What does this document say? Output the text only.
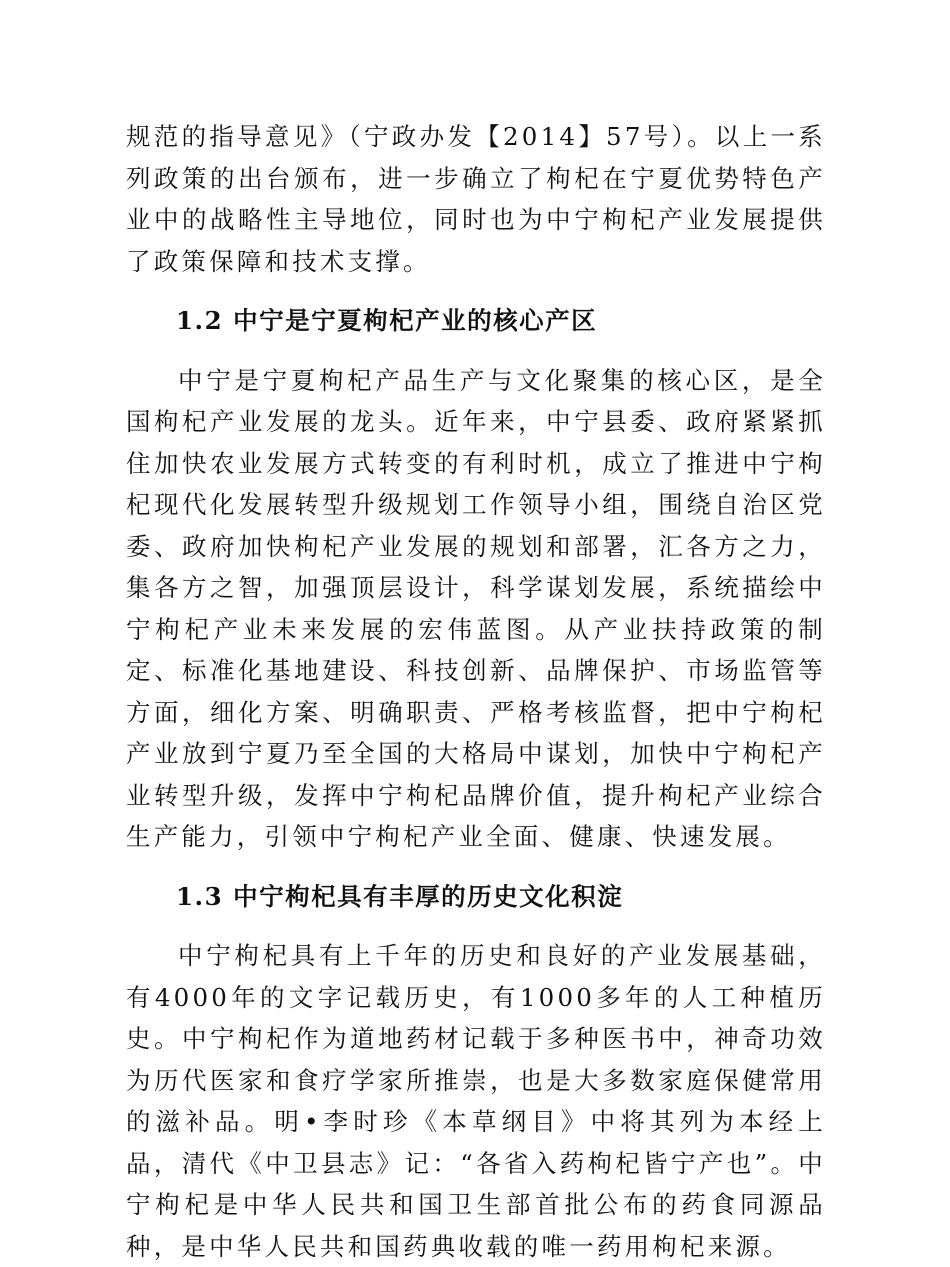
规范的指导意见》（宁政办发【2014】57号）。以上一系列政策的出台颁布，进一步确立了枸杞在宁夏优势特色产业中的战略性主导地位，同时也为中宁枸杞产业发展提供了政策保障和技术支撑。

1.2 中宁是宁夏枸杞产业的核心产区

中宁是宁夏枸杞产品生产与文化聚集的核心区，是全国枸杞产业发展的龙头。近年来，中宁县委、政府紧紧抓住加快农业发展方式转变的有利时机，成立了推进中宁枸杞现代化发展转型升级规划工作领导小组，围绕自治区党委、政府加快枸杞产业发展的规划和部署，汇各方之力，集各方之智，加强顶层设计，科学谋划发展，系统描绘中宁枸杞产业未来发展的宏伟蓝图。从产业扶持政策的制定、标准化基地建设、科技创新、品牌保护、市场监管等方面，细化方案、明确职责、严格考核监督，把中宁枸杞产业放到宁夏乃至全国的大格局中谋划，加快中宁枸杞产业转型升级，发挥中宁枸杞品牌价值，提升枸杞产业综合生产能力，引领中宁枸杞产业全面、健康、快速发展。

1.3 中宁枸杞具有丰厚的历史文化积淀

中宁枸杞具有上千年的历史和良好的产业发展基础，有4000年的文字记载历史，有1000多年的人工种植历史。中宁枸杞作为道地药材记载于多种医书中，神奇功效为历代医家和食疗学家所推崇，也是大多数家庭保健常用的滋补品。明•李时珍《本草纲目》中将其列为本经上品，清代《中卫县志》记：“各省入药枸杞皆宁产也”。中宁枸杞是中华人民共和国卫生部首批公布的药食同源品种，是中华人民共和国药典收载的唯一药用枸杞来源。
